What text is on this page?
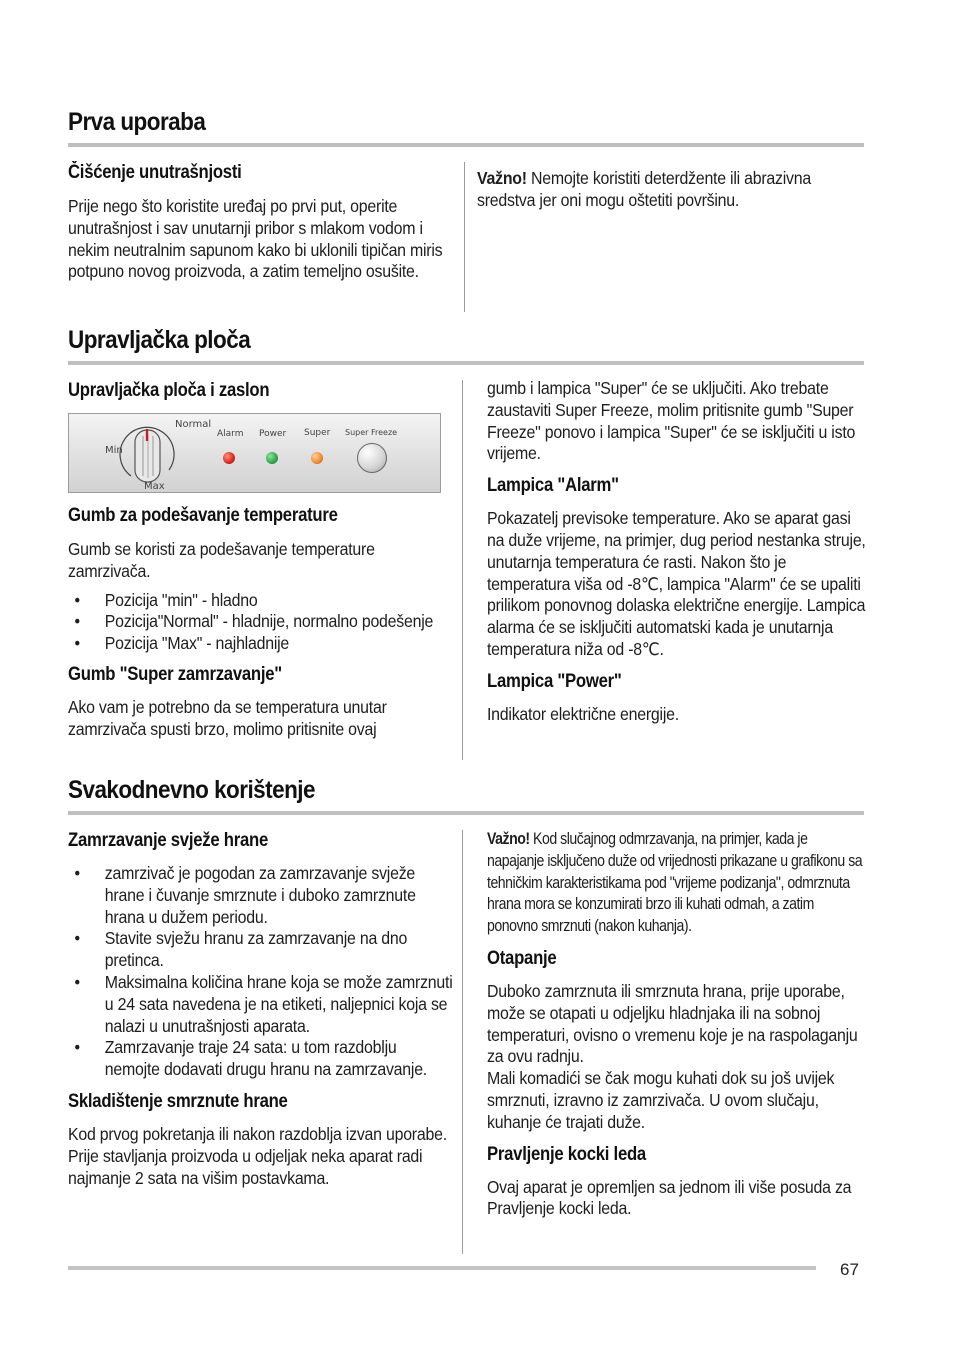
Prva uporaba
Čišćenje unutrašnjosti

Prije nego što koristite uređaj po prvi put, operite unutrašnjost i sav unutarnji pribor s mlakom vodom i nekim neutralnim sapunom kako bi uklonili tipičan miris potpuno novog proizvoda, a zatim temeljno osušite.

Važno! Nemojte koristiti deterdžente ili abrazivna sredstva jer oni mogu oštetiti površinu.

Upravljačka ploča
Upravljačka ploča i zaslon
Normal
Min
Max
Alarm Power Super Super Freeze
Gumb za podešavanje temperature

Gumb se koristi za podešavanje temperature zamrzivača.

• Pozicija "min" - hladno
• Pozicija"Normal" - hladnije, normalno podešenje
• Pozicija "Max" - najhladnije
Gumb "Super zamrzavanje"

Ako vam je potrebno da se temperatura unutar zamrzivača spusti brzo, molimo pritisnite ovaj

gumb i lampica "Super" će se uključiti. Ako trebate zaustaviti Super Freeze, molim pritisnite gumb "Super Freeze" ponovo i lampica "Super" će se isključiti u isto vrijeme.

Lampica "Alarm"

Pokazatelj previsoke temperature. Ako se aparat gasi na duže vrijeme, na primjer, dug period nestanka struje, unutarnja temperatura će rasti. Nakon što je temperatura viša od -8℃, lampica "Alarm" će se upaliti prilikom ponovnog dolaska električne energije. Lampica alarma će se isključiti automatski kada je unutarnja temperatura niža od -8℃.

Lampica "Power"

Indikator električne energije.

Svakodnevno korištenje
Zamrzavanje svježe hrane
• zamrzivač je pogodan za zamrzavanje svježe hrane i čuvanje smrznute i duboko zamrznute hrana u dužem periodu.
• Stavite svježu hranu za zamrzavanje na dno pretinca.
• Maksimalna količina hrane koja se može zamrznuti u 24 sata navedena je na etiketi, naljepnici koja se nalazi u unutrašnjosti aparata.
• Zamrzavanje traje 24 sata: u tom razdoblju nemojte dodavati drugu hranu na zamrzavanje.
Skladištenje smrznute hrane

Kod prvog pokretanja ili nakon razdoblja izvan uporabe. Prije stavljanja proizvoda u odjeljak neka aparat radi najmanje 2 sata na višim postavkama.

Važno! Kod slučajnog odmrzavanja, na primjer, kada je napajanje isključeno duže od vrijednosti prikazane u grafikonu sa tehničkim karakteristikama pod "vrijeme podizanja", odmrznuta hrana mora se konzumirati brzo ili kuhati odmah, a zatim ponovno smrznuti (nakon kuhanja).

Otapanje

Duboko zamrznuta ili smrznuta hrana, prije uporabe, može se otapati u odjeljku hladnjaka ili na sobnoj temperaturi, ovisno o vremenu koje je na raspolaganju za ovu radnju.

Mali komadići se čak mogu kuhati dok su još uvijek smrznuti, izravno iz zamrzivača. U ovom slučaju, kuhanje će trajati duže.

Pravljenje kocki leda

Ovaj aparat je opremljen sa jednom ili više posuda za Pravljenje kocki leda.

67
